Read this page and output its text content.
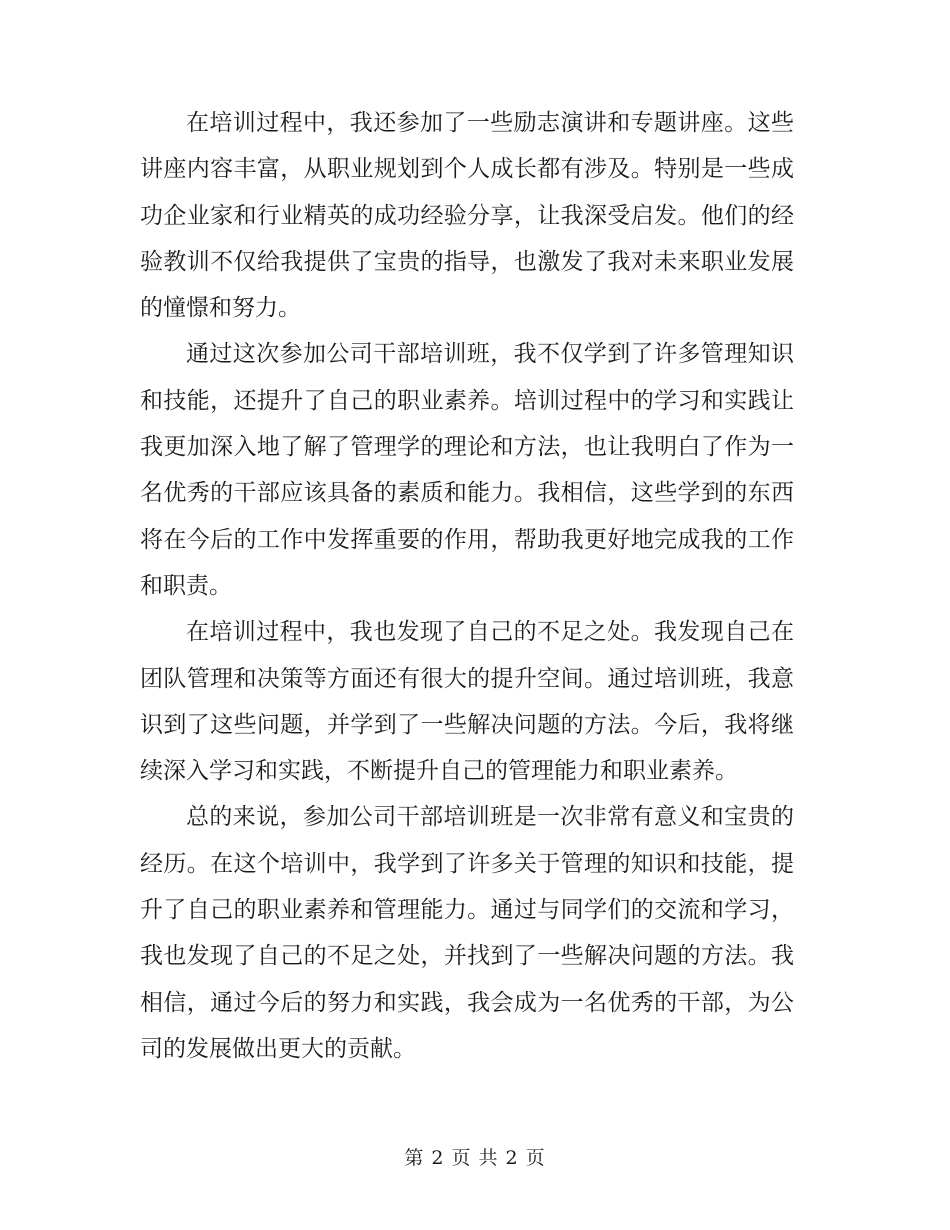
在培训过程中，我还参加了一些励志演讲和专题讲座。这些讲座内容丰富，从职业规划到个人成长都有涉及。特别是一些成功企业家和行业精英的成功经验分享，让我深受启发。他们的经验教训不仅给我提供了宝贵的指导，也激发了我对未来职业发展的憧憬和努力。

通过这次参加公司干部培训班，我不仅学到了许多管理知识和技能，还提升了自己的职业素养。培训过程中的学习和实践让我更加深入地了解了管理学的理论和方法，也让我明白了作为一名优秀的干部应该具备的素质和能力。我相信，这些学到的东西将在今后的工作中发挥重要的作用，帮助我更好地完成我的工作和职责。

在培训过程中，我也发现了自己的不足之处。我发现自己在团队管理和决策等方面还有很大的提升空间。通过培训班，我意识到了这些问题，并学到了一些解决问题的方法。今后，我将继续深入学习和实践，不断提升自己的管理能力和职业素养。

总的来说，参加公司干部培训班是一次非常有意义和宝贵的经历。在这个培训中，我学到了许多关于管理的知识和技能，提升了自己的职业素养和管理能力。通过与同学们的交流和学习，我也发现了自己的不足之处，并找到了一些解决问题的方法。我相信，通过今后的努力和实践，我会成为一名优秀的干部，为公司的发展做出更大的贡献。

第 2 页 共 2 页
